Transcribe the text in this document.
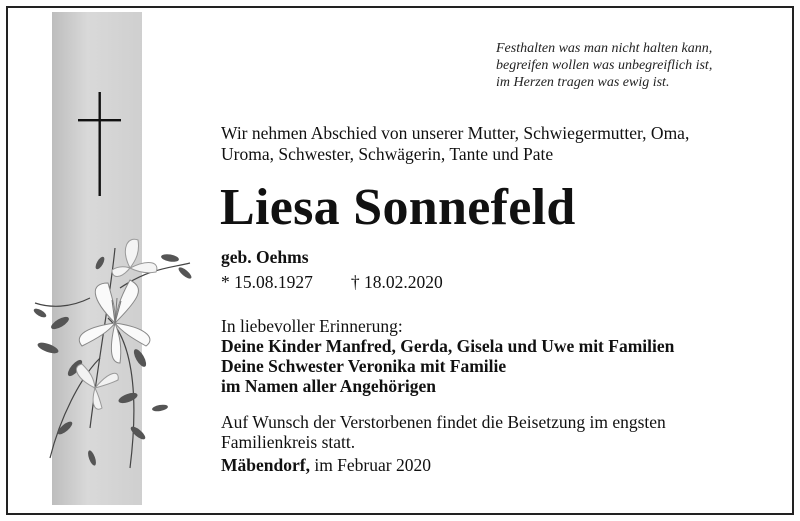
Festhalten was man nicht halten kann,
begreifen wollen was unbegreiflich ist,
im Herzen tragen was ewig ist.
Wir nehmen Abschied von unserer Mutter, Schwiegermutter, Oma,
Uroma, Schwester, Schwägerin, Tante und Pate
Liesa Sonnefeld
geb. Oehms
* 15.08.1927 † 18.02.2020
In liebevoller Erinnerung:
Deine Kinder Manfred, Gerda, Gisela und Uwe mit Familien
Deine Schwester Veronika mit Familie
im Namen aller Angehörigen
Auf Wunsch der Verstorbenen findet die Beisetzung im engsten
Familienkreis statt.
Mäbendorf, im Februar 2020
